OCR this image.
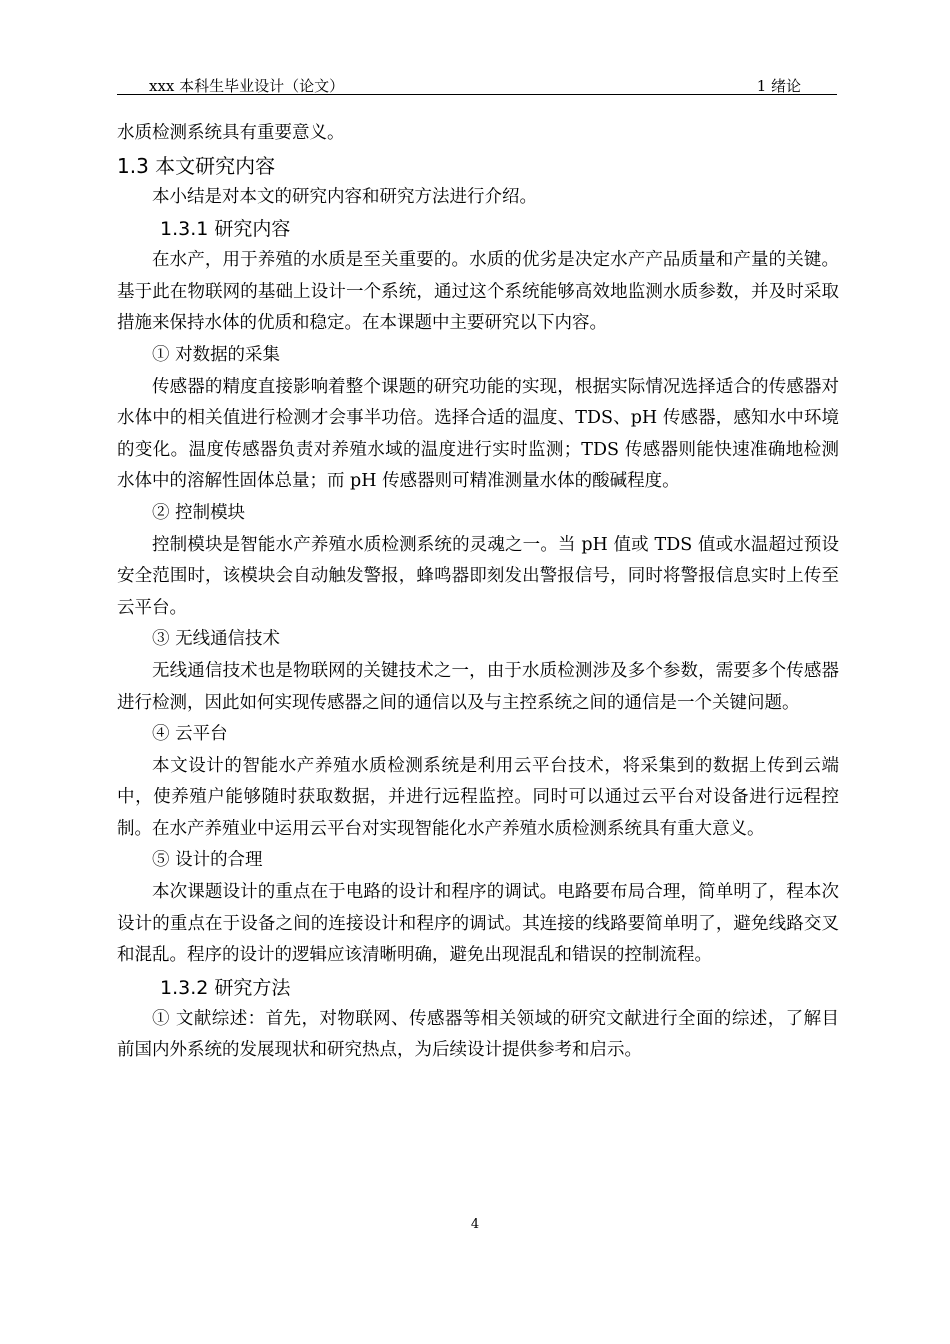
xxx 本科生毕业设计（论文）	1 绪论

水质检测系统具有重要意义。

1.3 本文研究内容

本小结是对本文的研究内容和研究方法进行介绍。

1.3.1 研究内容

在水产，用于养殖的水质是至关重要的。水质的优劣是决定水产产品质量和产量的关键。基于此在物联网的基础上设计一个系统，通过这个系统能够高效地监测水质参数，并及时采取措施来保持水体的优质和稳定。在本课题中主要研究以下内容。

① 对数据的采集

传感器的精度直接影响着整个课题的研究功能的实现，根据实际情况选择适合的传感器对水体中的相关值进行检测才会事半功倍。选择合适的温度、TDS、pH 传感器，感知水中环境的变化。温度传感器负责对养殖水域的温度进行实时监测；TDS 传感器则能快速准确地检测水体中的溶解性固体总量；而 pH 传感器则可精准测量水体的酸碱程度。

② 控制模块

控制模块是智能水产养殖水质检测系统的灵魂之一。当 pH 值或 TDS 值或水温超过预设安全范围时，该模块会自动触发警报，蜂鸣器即刻发出警报信号，同时将警报信息实时上传至云平台。

③ 无线通信技术

无线通信技术也是物联网的关键技术之一，由于水质检测涉及多个参数，需要多个传感器进行检测，因此如何实现传感器之间的通信以及与主控系统之间的通信是一个关键问题。

④ 云平台

本文设计的智能水产养殖水质检测系统是利用云平台技术，将采集到的数据上传到云端中，使养殖户能够随时获取数据，并进行远程监控。同时可以通过云平台对设备进行远程控制。在水产养殖业中运用云平台对实现智能化水产养殖水质检测系统具有重大意义。

⑤ 设计的合理

本次课题设计的重点在于电路的设计和程序的调试。电路要布局合理，简单明了，程本次设计的重点在于设备之间的连接设计和程序的调试。其连接的线路要简单明了，避免线路交叉和混乱。程序的设计的逻辑应该清晰明确，避免出现混乱和错误的控制流程。

1.3.2 研究方法

① 文献综述：首先，对物联网、传感器等相关领域的研究文献进行全面的综述，了解目前国内外系统的发展现状和研究热点，为后续设计提供参考和启示。

4
